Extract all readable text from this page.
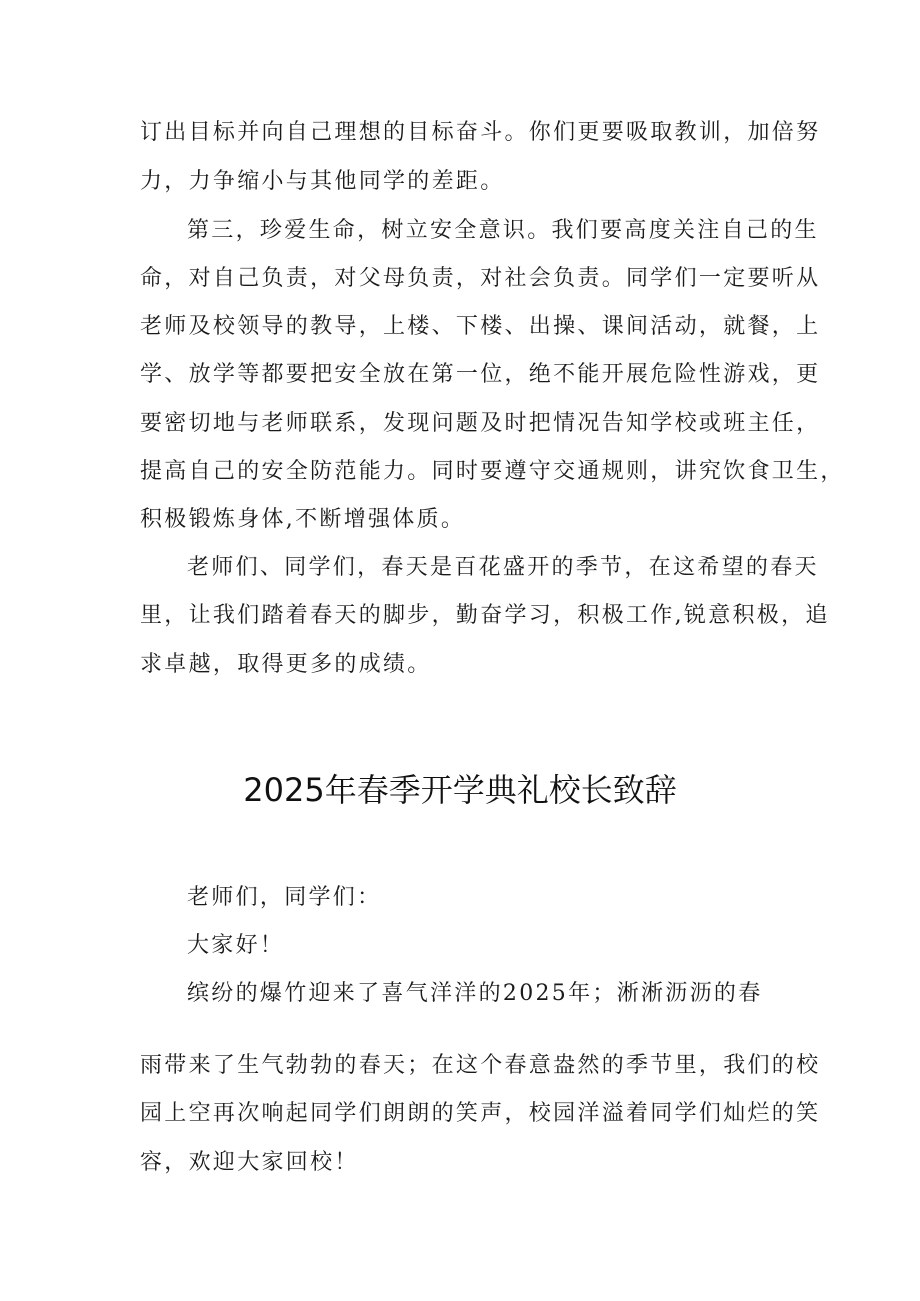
订出目标并向自己理想的目标奋斗。你们更要吸取教训，加倍努
力，力争缩小与其他同学的差距。
第三，珍爱生命，树立安全意识。我们要高度关注自己的生
命，对自己负责，对父母负责，对社会负责。同学们一定要听从
老师及校领导的教导，上楼、下楼、出操、课间活动，就餐，上
学、放学等都要把安全放在第一位，绝不能开展危险性游戏，更
要密切地与老师联系，发现问题及时把情况告知学校或班主任，
提高自己的安全防范能力。同时要遵守交通规则，讲究饮食卫生，
积极锻炼身体,不断增强体质。
老师们、同学们，春天是百花盛开的季节，在这希望的春天
里，让我们踏着春天的脚步，勤奋学习，积极工作,锐意积极，追
求卓越，取得更多的成绩。
2025年春季开学典礼校长致辞
老师们，同学们：
大家好！
缤纷的爆竹迎来了喜气洋洋的2025年；淅淅沥沥的春
雨带来了生气勃勃的春天；在这个春意盎然的季节里，我们的校
园上空再次响起同学们朗朗的笑声，校园洋溢着同学们灿烂的笑
容，欢迎大家回校！
